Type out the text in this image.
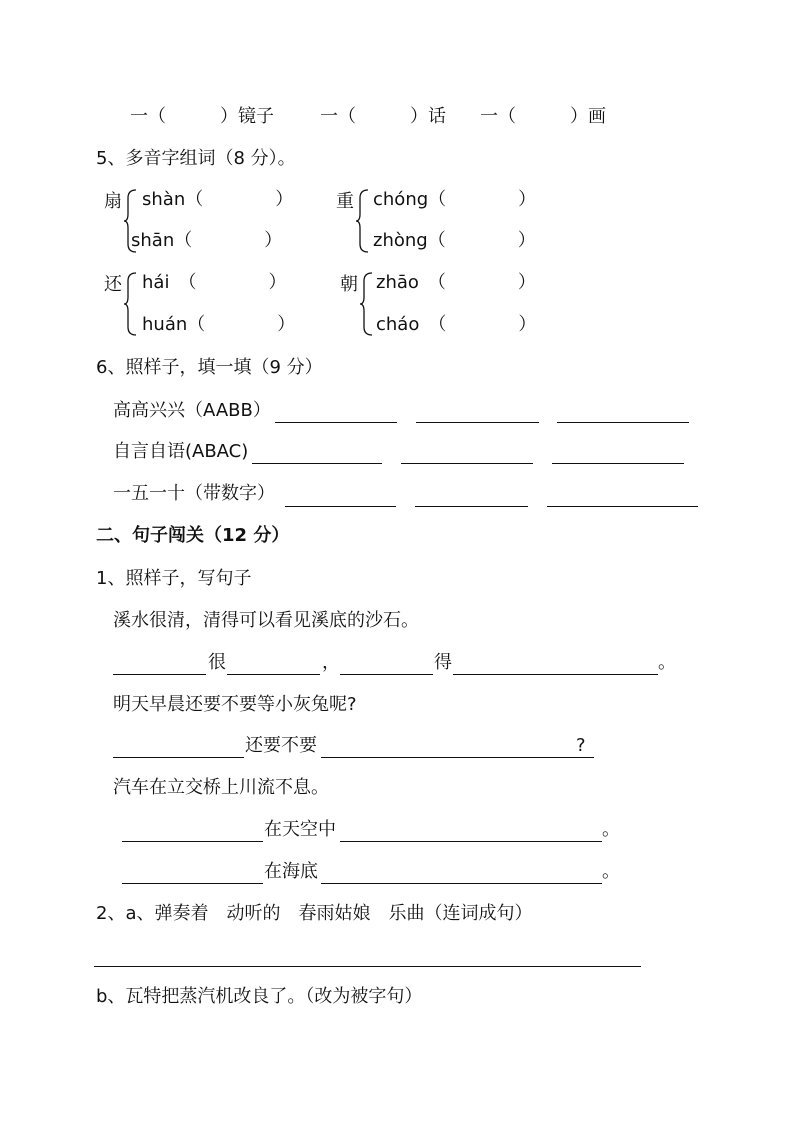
一（　　　）镜子	一（　　　）话 一（　　　）画
5、多音字组词（8 分）。
扇 shàn（　　　　）
shān（　　　　）
重 chóng（　　　　）
zhòng（　　　　）
还 hái　（　　　　）
huán（　　　　）
朝 zhāo　（　　　　）
cháo　（　　　　）
6、照样子，填一填（9 分）
高高兴兴（AABB）
自言自语(ABAC)
一五一十（带数字）
二、句子闯关（12 分）
1、照样子，写句子
溪水很清，清得可以看见溪底的沙石。
很	，	得	。
明天早晨还要不要等小灰兔呢?
还要不要	?
汽车在立交桥上川流不息。
在天空中	。
在海底	。
2、a、弹奏着　动听的　春雨姑娘　乐曲（连词成句）
b、瓦特把蒸汽机改良了。（改为被字句）
